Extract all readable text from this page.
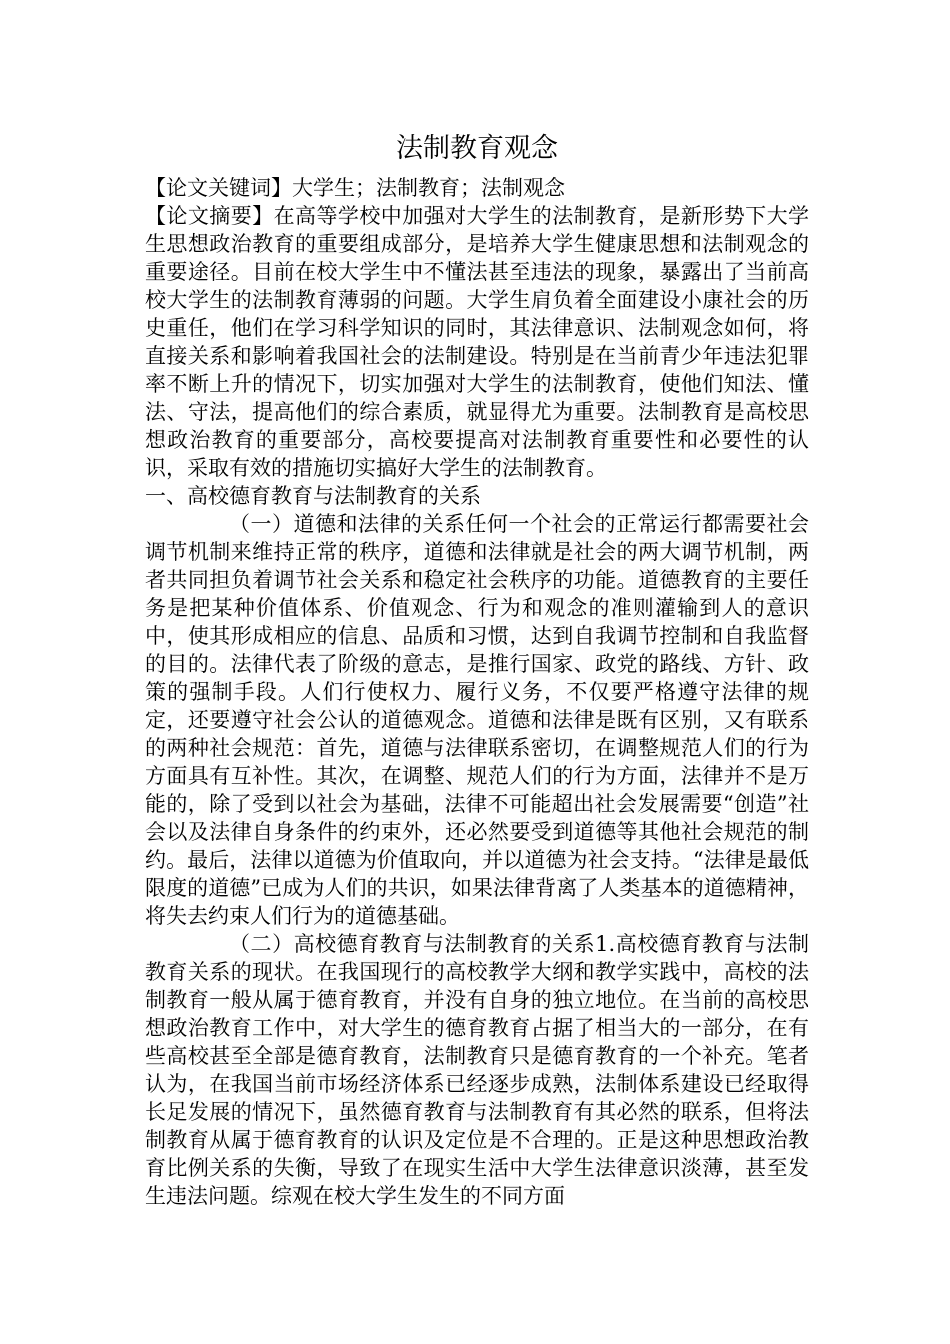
法制教育观念

【论文关键词】大学生；法制教育；法制观念

【论文摘要】在高等学校中加强对大学生的法制教育，是新形势下大学生思想政治教育的重要组成部分，是培养大学生健康思想和法制观念的重要途径。目前在校大学生中不懂法甚至违法的现象，暴露出了当前高校大学生的法制教育薄弱的问题。大学生肩负着全面建设小康社会的历史重任，他们在学习科学知识的同时，其法律意识、法制观念如何，将直接关系和影响着我国社会的法制建设。特别是在当前青少年违法犯罪率不断上升的情况下，切实加强对大学生的法制教育，使他们知法、懂法、守法，提高他们的综合素质，就显得尤为重要。法制教育是高校思想政治教育的重要部分，高校要提高对法制教育重要性和必要性的认识，采取有效的措施切实搞好大学生的法制教育。

一、高校德育教育与法制教育的关系

（一）道德和法律的关系任何一个社会的正常运行都需要社会调节机制来维持正常的秩序，道德和法律就是社会的两大调节机制，两者共同担负着调节社会关系和稳定社会秩序的功能。道德教育的主要任务是把某种价值体系、价值观念、行为和观念的准则灌输到人的意识中，使其形成相应的信息、品质和习惯，达到自我调节控制和自我监督的目的。法律代表了阶级的意志，是推行国家、政党的路线、方针、政策的强制手段。人们行使权力、履行义务，不仅要严格遵守法律的规定，还要遵守社会公认的道德观念。道德和法律是既有区别，又有联系的两种社会规范：首先，道德与法律联系密切，在调整规范人们的行为方面具有互补性。其次，在调整、规范人们的行为方面，法律并不是万能的，除了受到以社会为基础，法律不可能超出社会发展需要“创造”社会以及法律自身条件的约束外，还必然要受到道德等其他社会规范的制约。最后，法律以道德为价值取向，并以道德为社会支持。“法律是最低限度的道德”已成为人们的共识，如果法律背离了人类基本的道德精神，将失去约束人们行为的道德基础。

（二）高校德育教育与法制教育的关系1.高校德育教育与法制教育关系的现状。在我国现行的高校教学大纲和教学实践中，高校的法制教育一般从属于德育教育，并没有自身的独立地位。在当前的高校思想政治教育工作中，对大学生的德育教育占据了相当大的一部分，在有些高校甚至全部是德育教育，法制教育只是德育教育的一个补充。笔者认为，在我国当前市场经济体系已经逐步成熟，法制体系建设已经取得长足发展的情况下，虽然德育教育与法制教育有其必然的联系，但将法制教育从属于德育教育的认识及定位是不合理的。正是这种思想政治教育比例关系的失衡，导致了在现实生活中大学生法律意识淡薄，甚至发生违法问题。综观在校大学生发生的不同方面
